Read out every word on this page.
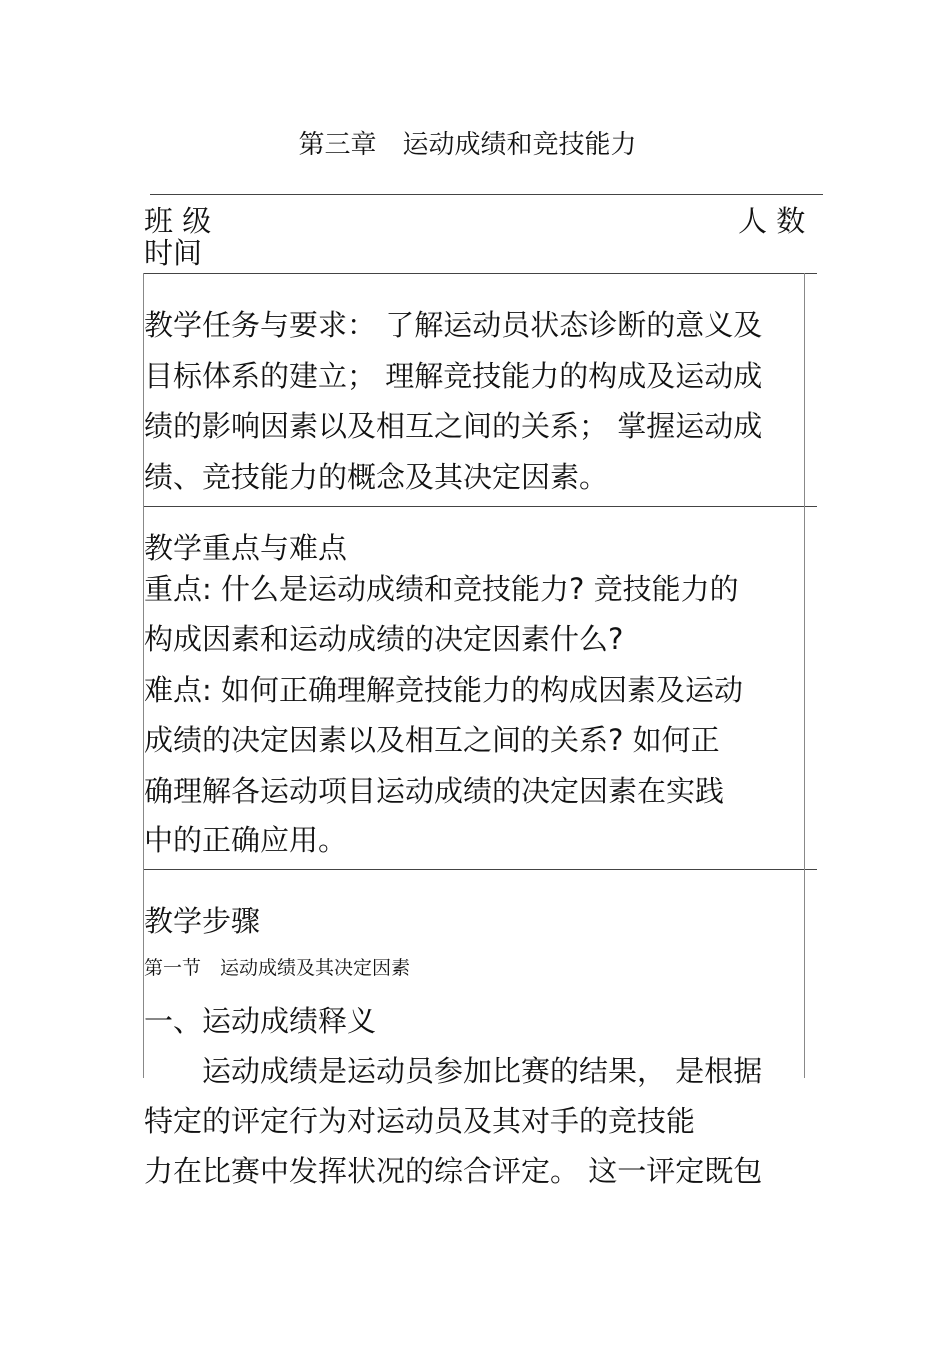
第三章　运动成绩和竞技能力
班 级	人 数
时间
教学任务与要求： 了解运动员状态诊断的意义及
目标体系的建立； 理解竞技能力的构成及运动成
绩的影响因素以及相互之间的关系； 掌握运动成
绩、竞技能力的概念及其决定因素。
教学重点与难点
重点: 什么是运动成绩和竞技能力? 竞技能力的
构成因素和运动成绩的决定因素什么?
难点: 如何正确理解竞技能力的构成因素及运动
成绩的决定因素以及相互之间的关系? 如何正
确理解各运动项目运动成绩的决定因素在实践
中的正确应用。
教学步骤
第一节　运动成绩及其决定因素
一、运动成绩释义
　　运动成绩是运动员参加比赛的结果， 是根据
特定的评定行为对运动员及其对手的竞技能
力在比赛中发挥状况的综合评定。 这一评定既包
